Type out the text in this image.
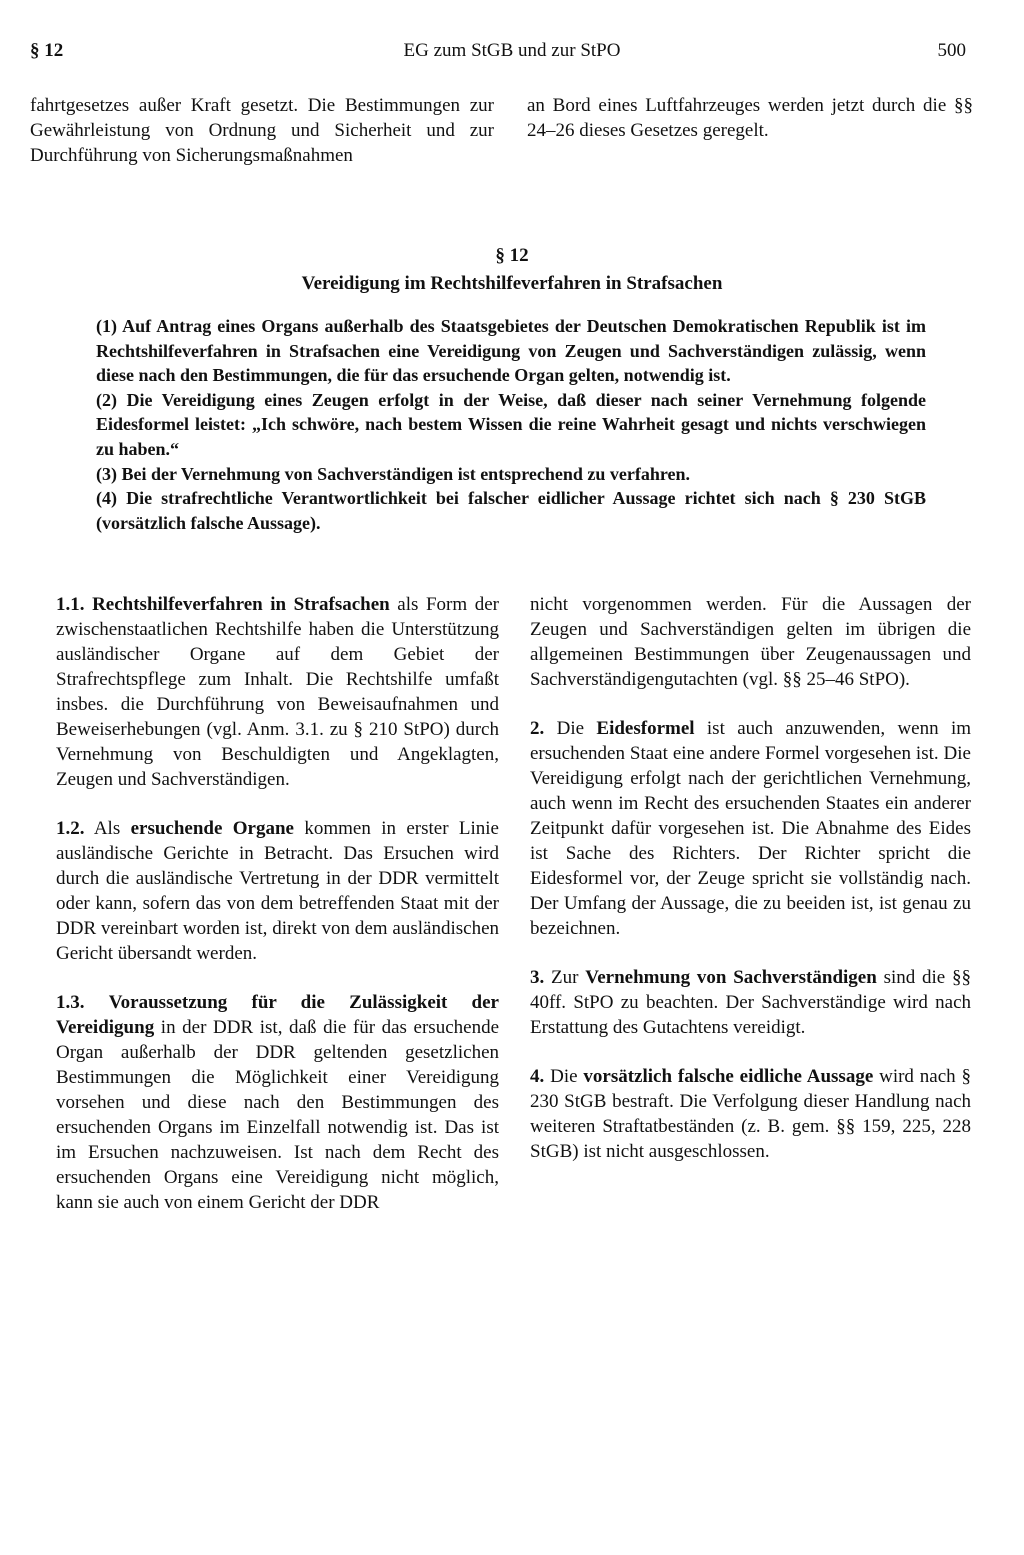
§ 12	EG zum StGB und zur StPO	500

fahrtgesetzes außer Kraft gesetzt. Die Bestimmungen zur Gewährleistung von Ordnung und Sicherheit und zur Durchführung von Sicherungsmaßnahmen

an Bord eines Luftfahrzeuges werden jetzt durch die §§ 24–26 dieses Gesetzes geregelt.

§ 12
Vereidigung im Rechtshilfeverfahren in Strafsachen

(1) Auf Antrag eines Organs außerhalb des Staatsgebietes der Deutschen Demokratischen Republik ist im Rechtshilfeverfahren in Strafsachen eine Vereidigung von Zeugen und Sachverständigen zulässig, wenn diese nach den Bestimmungen, die für das ersuchende Organ gelten, notwendig ist.

(2) Die Vereidigung eines Zeugen erfolgt in der Weise, daß dieser nach seiner Vernehmung folgende Eidesformel leistet: „Ich schwöre, nach bestem Wissen die reine Wahrheit gesagt und nichts verschwiegen zu haben.“

(3) Bei der Vernehmung von Sachverständigen ist entsprechend zu verfahren.

(4) Die strafrechtliche Verantwortlichkeit bei falscher eidlicher Aussage richtet sich nach § 230 StGB (vorsätzlich falsche Aussage).

1.1. Rechtshilfeverfahren in Strafsachen als Form der zwischenstaatlichen Rechtshilfe haben die Unterstützung ausländischer Organe auf dem Gebiet der Strafrechtspflege zum Inhalt. Die Rechtshilfe umfaßt insbes. die Durchführung von Beweisaufnahmen und Beweiserhebungen (vgl. Anm. 3.1. zu § 210 StPO) durch Vernehmung von Beschuldigten und Angeklagten, Zeugen und Sachverständigen.

1.2. Als ersuchende Organe kommen in erster Linie ausländische Gerichte in Betracht. Das Ersuchen wird durch die ausländische Vertretung in der DDR vermittelt oder kann, sofern das von dem betreffenden Staat mit der DDR vereinbart worden ist, direkt von dem ausländischen Gericht übersandt werden.

1.3. Voraussetzung für die Zulässigkeit der Vereidigung in der DDR ist, daß die für das ersuchende Organ außerhalb der DDR geltenden gesetzlichen Bestimmungen die Möglichkeit einer Vereidigung vorsehen und diese nach den Bestimmungen des ersuchenden Organs im Einzelfall notwendig ist. Das ist im Ersuchen nachzuweisen. Ist nach dem Recht des ersuchenden Organs eine Vereidigung nicht möglich, kann sie auch von einem Gericht der DDR

nicht vorgenommen werden. Für die Aussagen der Zeugen und Sachverständigen gelten im übrigen die allgemeinen Bestimmungen über Zeugenaussagen und Sachverständigengutachten (vgl. §§ 25–46 StPO).

2. Die Eidesformel ist auch anzuwenden, wenn im ersuchenden Staat eine andere Formel vorgesehen ist. Die Vereidigung erfolgt nach der gerichtlichen Vernehmung, auch wenn im Recht des ersuchenden Staates ein anderer Zeitpunkt dafür vorgesehen ist. Die Abnahme des Eides ist Sache des Richters. Der Richter spricht die Eidesformel vor, der Zeuge spricht sie vollständig nach. Der Umfang der Aussage, die zu beeiden ist, ist genau zu bezeichnen.

3. Zur Vernehmung von Sachverständigen sind die §§ 40ff. StPO zu beachten. Der Sachverständige wird nach Erstattung des Gutachtens vereidigt.

4. Die vorsätzlich falsche eidliche Aussage wird nach § 230 StGB bestraft. Die Verfolgung dieser Handlung nach weiteren Straftatbeständen (z. B. gem. §§ 159, 225, 228 StGB) ist nicht ausgeschlossen.
